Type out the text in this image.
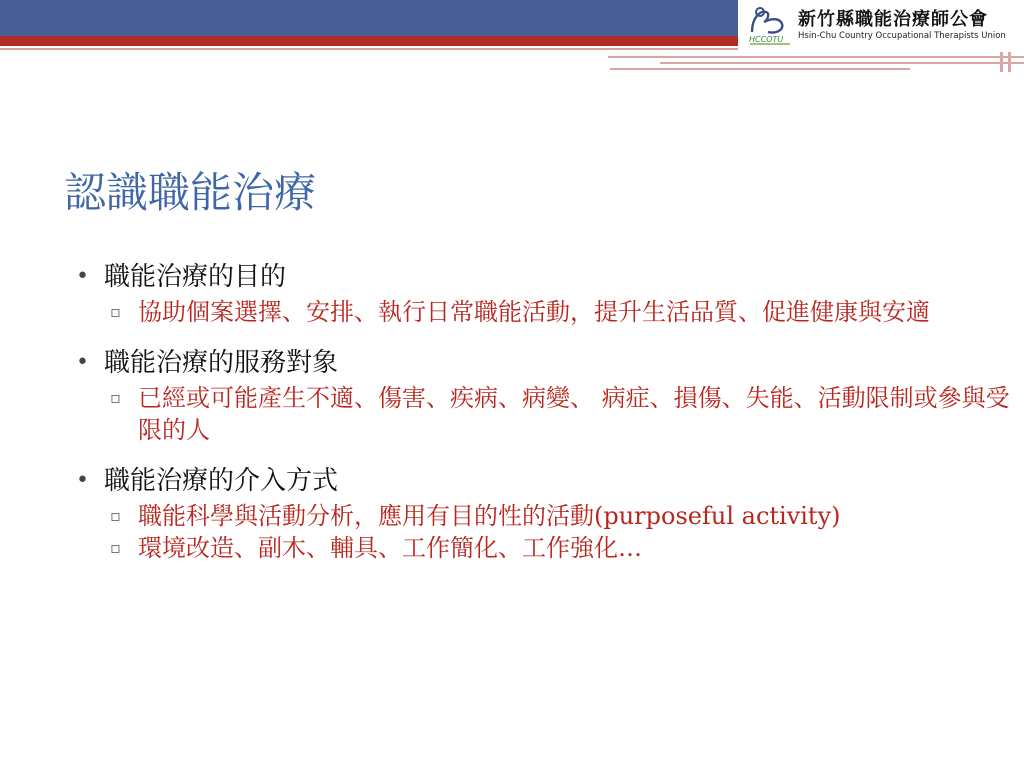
HCCOTU
新竹縣職能治療師公會
Hsin-Chu Country Occupational Therapists Union
認識職能治療
• 職能治療的目的
▫ 協助個案選擇、安排、執行日常職能活動，提升生活品質、促進健康與安適
• 職能治療的服務對象
▫ 已經或可能產生不適、傷害、疾病、病變、 病症、損傷、失能、活動限制或參與受限的人
• 職能治療的介入方式
▫ 職能科學與活動分析，應用有目的性的活動(purposeful activity)
▫ 環境改造、副木、輔具、工作簡化、工作強化…
